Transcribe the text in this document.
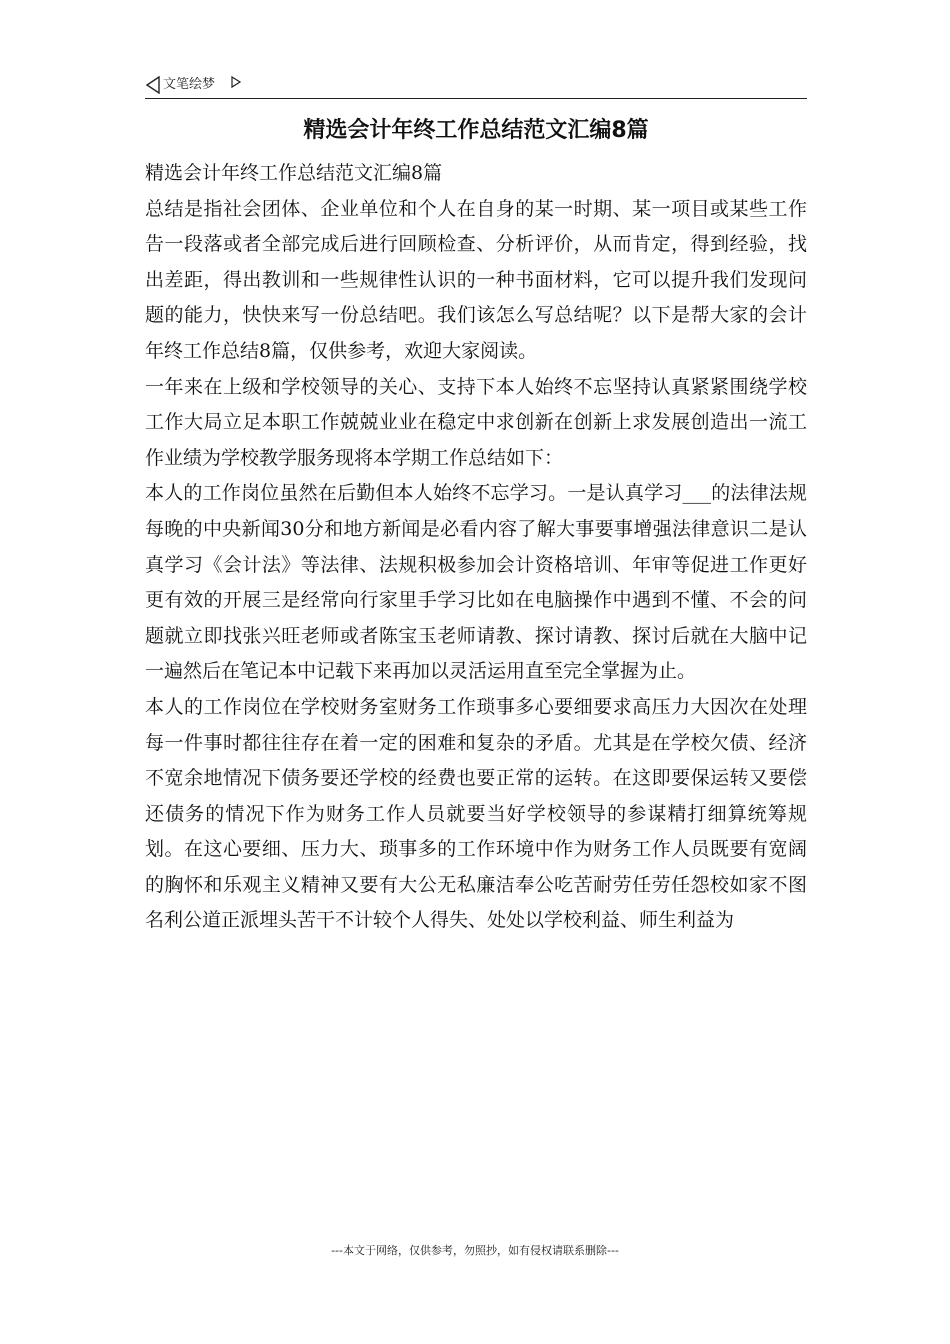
文笔绘梦
精选会计年终工作总结范文汇编8篇

精选会计年终工作总结范文汇编8篇

总结是指社会团体、企业单位和个人在自身的某一时期、某一项目或某些工作告一段落或者全部完成后进行回顾检查、分析评价，从而肯定，得到经验，找出差距，得出教训和一些规律性认识的一种书面材料，它可以提升我们发现问题的能力，快快来写一份总结吧。我们该怎么写总结呢？以下是帮大家的会计年终工作总结8篇，仅供参考，欢迎大家阅读。

一年来在上级和学校领导的关心、支持下本人始终不忘坚持认真紧紧围绕学校工作大局立足本职工作兢兢业业在稳定中求创新在创新上求发展创造出一流工作业绩为学校教学服务现将本学期工作总结如下：

本人的工作岗位虽然在后勤但本人始终不忘学习。一是认真学习___的法律法规每晚的中央新闻30分和地方新闻是必看内容了解大事要事增强法律意识二是认真学习《会计法》等法律、法规积极参加会计资格培训、年审等促进工作更好更有效的开展三是经常向行家里手学习比如在电脑操作中遇到不懂、不会的问题就立即找张兴旺老师或者陈宝玉老师请教、探讨请教、探讨后就在大脑中记一遍然后在笔记本中记载下来再加以灵活运用直至完全掌握为止。

本人的工作岗位在学校财务室财务工作琐事多心要细要求高压力大因次在处理每一件事时都往往存在着一定的困难和复杂的矛盾。尤其是在学校欠债、经济不宽余地情况下债务要还学校的经费也要正常的运转。在这即要保运转又要偿还债务的情况下作为财务工作人员就要当好学校领导的参谋精打细算统筹规划。在这心要细、压力大、琐事多的工作环境中作为财务工作人员既要有宽阔的胸怀和乐观主义精神又要有大公无私廉洁奉公吃苦耐劳任劳任怨校如家不图名利公道正派埋头苦干不计较个人得失、处处以学校利益、师生利益为

---本文于网络，仅供参考，勿照抄，如有侵权请联系删除---
